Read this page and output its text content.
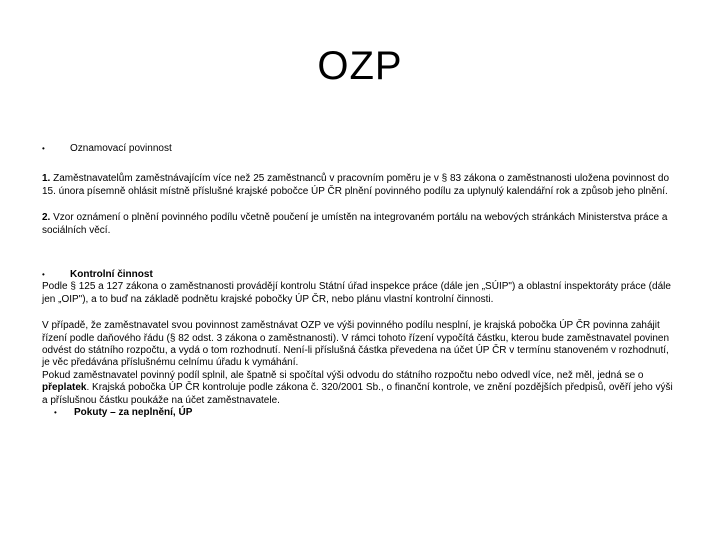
OZP
•	Oznamovací povinnost

1. Zaměstnavatelům zaměstnávajícím více než 25 zaměstnanců v pracovním poměru je v § 83 zákona o zaměstnanosti uložena povinnost do 15. února písemně ohlásit místně příslušné krajské pobočce ÚP ČR plnění povinného podílu za uplynulý kalendářní rok a způsob jeho plnění.

2. Vzor oznámení o plnění povinného podílu včetně poučení je umístěn na integrovaném portálu na webových stránkách Ministerstva práce a sociálních věcí.

•	Kontrolní činnost

Podle § 125 a 127 zákona o zaměstnanosti provádějí kontrolu Státní úřad inspekce práce (dále jen „SÚIP") a oblastní inspektoráty práce (dále jen „OIP"), a to buď na základě podnětu krajské pobočky ÚP ČR, nebo plánu vlastní kontrolní činnosti.

V případě, že zaměstnavatel svou povinnost zaměstnávat OZP ve výši povinného podílu nesplní, je krajská pobočka ÚP ČR povinna zahájit řízení podle daňového řádu (§ 82 odst. 3 zákona o zaměstnanosti). V rámci tohoto řízení vypočítá částku, kterou bude zaměstnavatel povinen odvést do státního rozpočtu, a vydá o tom rozhodnutí. Není-li příslušná částka převedena na účet ÚP ČR v termínu stanoveném v rozhodnutí, je věc předávána příslušnému celnímu úřadu k vymáhání.

Pokud zaměstnavatel povinný podíl splnil, ale špatně si spočítal výši odvodu do státního rozpočtu nebo odvedl více, než měl, jedná se o přeplatek. Krajská pobočka ÚP ČR kontroluje podle zákona č. 320/2001 Sb., o finanční kontrole, ve znění pozdějších předpisů, ověří jeho výši a příslušnou částku poukáže na účet zaměstnavatele.

•	Pokuty – za neplnění, ÚP
